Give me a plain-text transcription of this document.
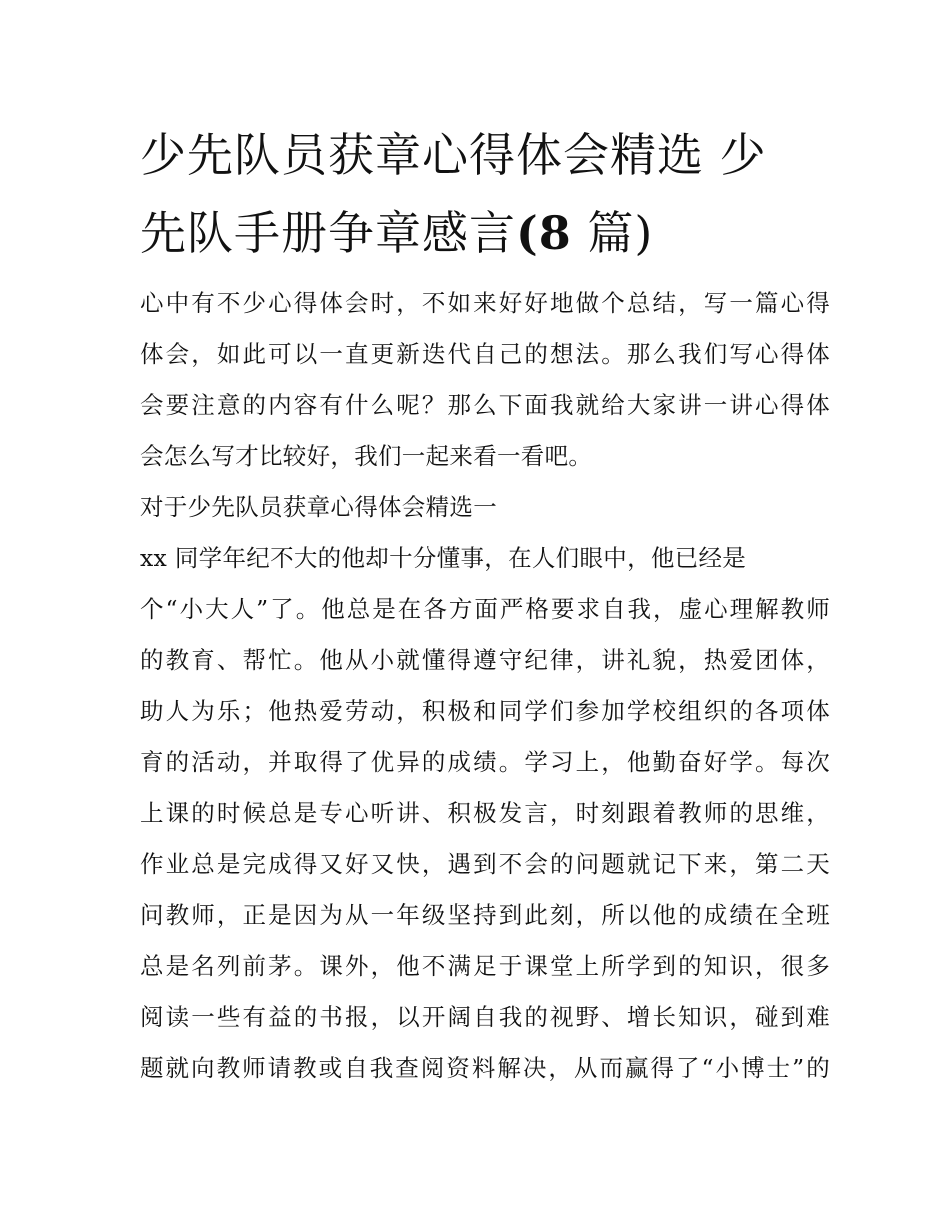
少先队员获章心得体会精选 少
先队手册争章感言(8 篇)
心中有不少心得体会时，不如来好好地做个总结，写一篇心得
体会，如此可以一直更新迭代自己的想法。那么我们写心得体
会要注意的内容有什么呢？那么下面我就给大家讲一讲心得体
会怎么写才比较好，我们一起来看一看吧。
对于少先队员获章心得体会精选一
xx 同学年纪不大的他却十分懂事，在人们眼中，他已经是
个“小大人”了。他总是在各方面严格要求自我，虚心理解教师
的教育、帮忙。他从小就懂得遵守纪律，讲礼貌，热爱团体，
助人为乐；他热爱劳动，积极和同学们参加学校组织的各项体
育的活动，并取得了优异的成绩。学习上，他勤奋好学。每次
上课的时候总是专心听讲、积极发言，时刻跟着教师的思维，
作业总是完成得又好又快，遇到不会的问题就记下来，第二天
问教师，正是因为从一年级坚持到此刻，所以他的成绩在全班
总是名列前茅。课外，他不满足于课堂上所学到的知识，很多
阅读一些有益的书报，以开阔自我的视野、增长知识，碰到难
题就向教师请教或自我查阅资料解决，从而赢得了“小博士”的
